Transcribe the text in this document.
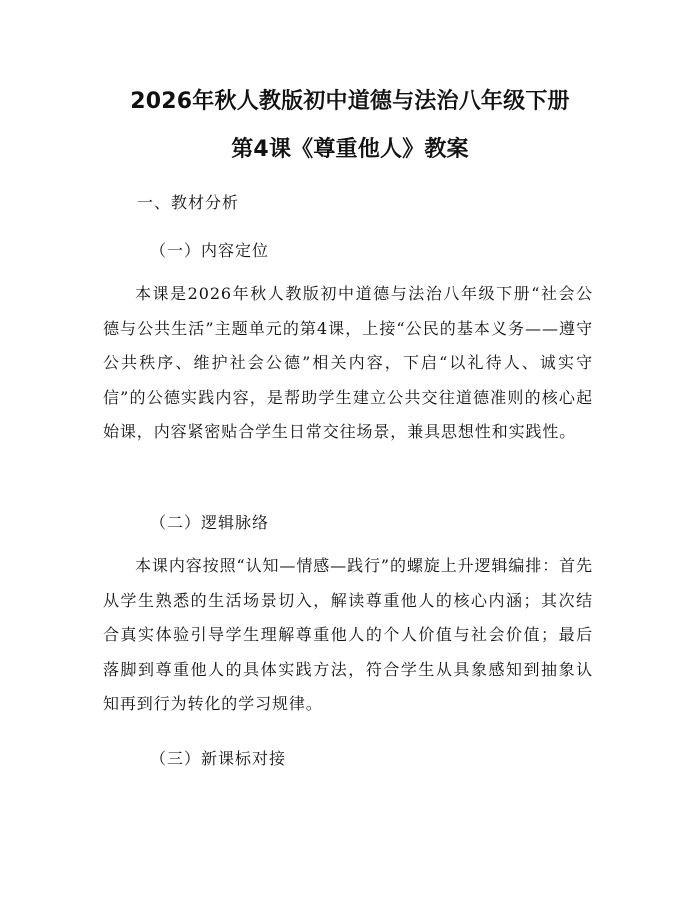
2026年秋人教版初中道德与法治八年级下册
第4课《尊重他人》教案
一、教材分析
（一）内容定位
本课是2026年秋人教版初中道德与法治八年级下册“社会公德与公共生活”主题单元的第4课，上接“公民的基本义务——遵守公共秩序、维护社会公德”相关内容，下启“以礼待人、诚实守信”的公德实践内容，是帮助学生建立公共交往道德准则的核心起始课，内容紧密贴合学生日常交往场景，兼具思想性和实践性。
（二）逻辑脉络
本课内容按照“认知—情感—践行”的螺旋上升逻辑编排：首先从学生熟悉的生活场景切入，解读尊重他人的核心内涵；其次结合真实体验引导学生理解尊重他人的个人价值与社会价值；最后落脚到尊重他人的具体实践方法，符合学生从具象感知到抽象认知再到行为转化的学习规律。
（三）新课标对接
